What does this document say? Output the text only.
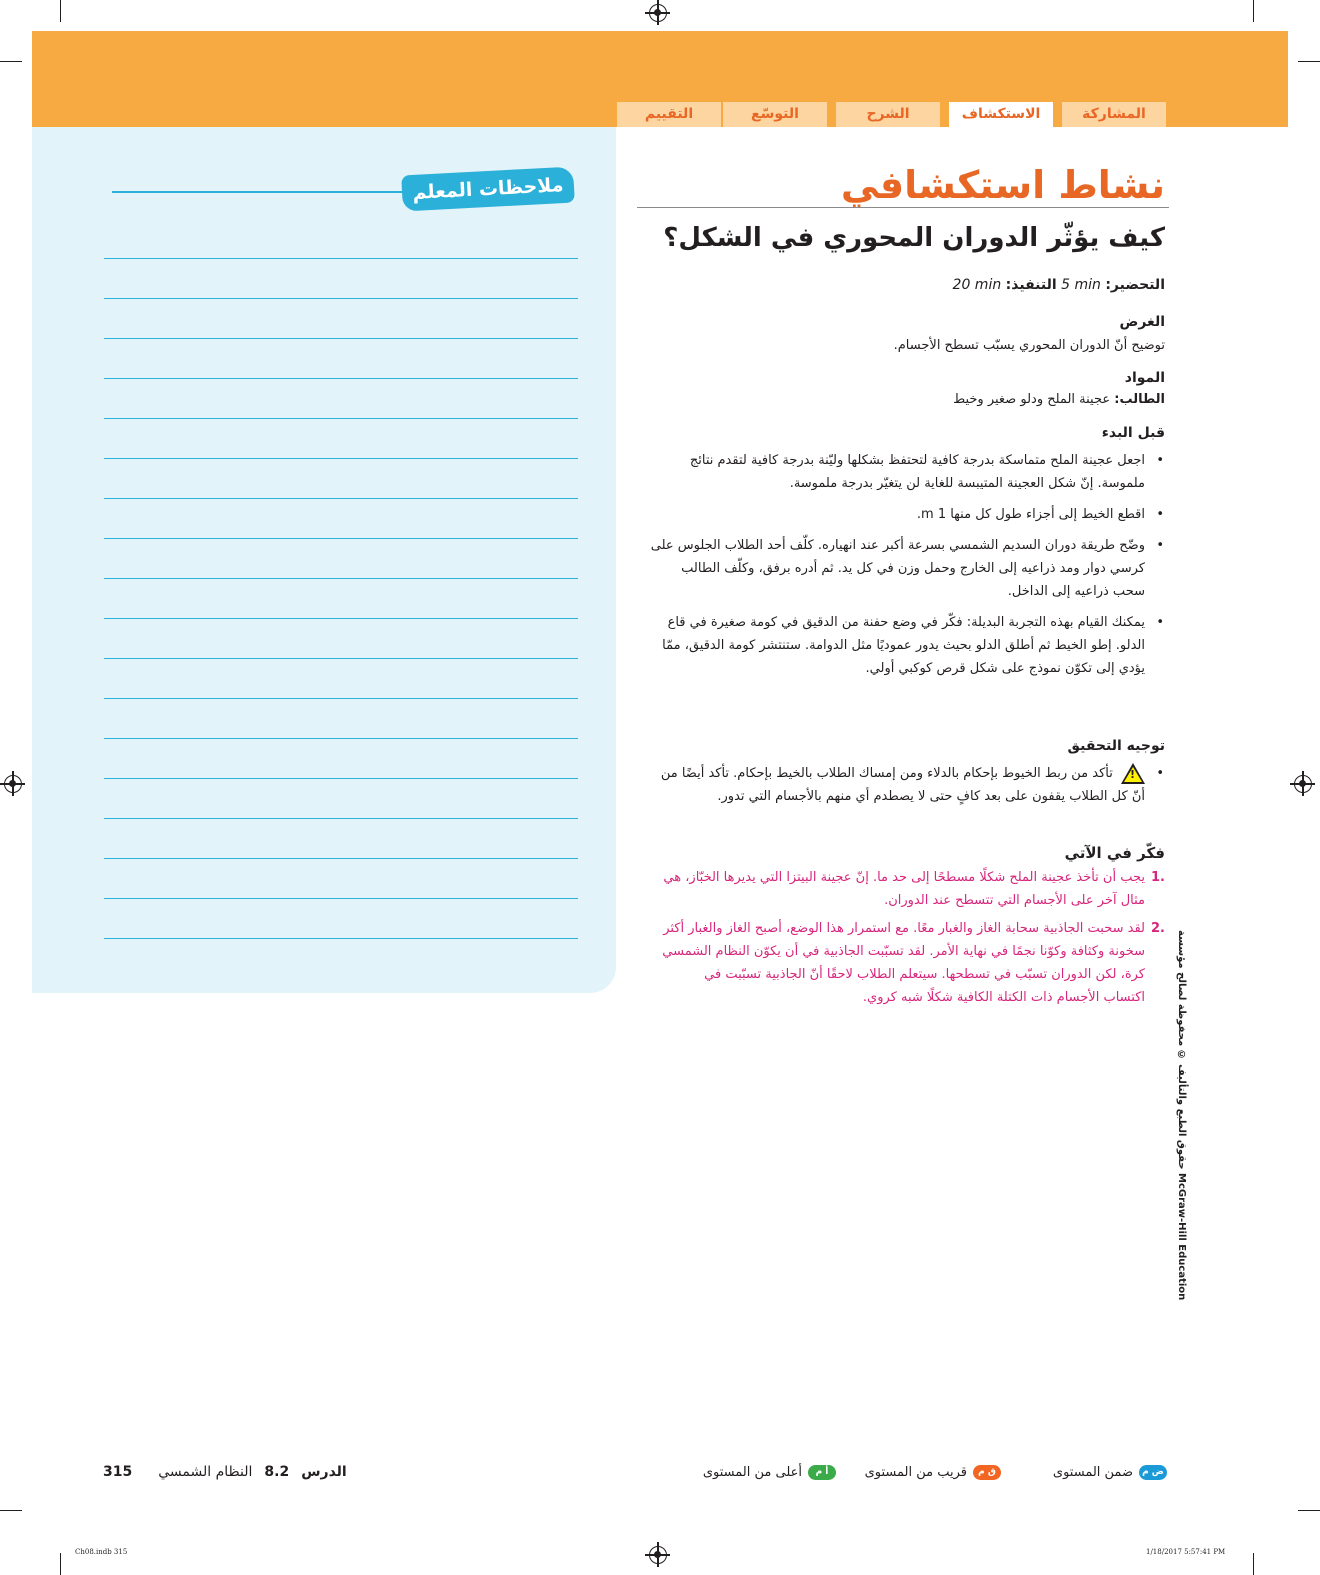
المشاركة
الاستكشاف
الشرح
التوسّع
التقييم
ملاحظات المعلم	نشاط استكشافي
كيف يؤثّر الدوران المحوري في الشكل؟
التحضير: 5 min التنفيذ: 20 min
الغرض
توضيح أنّ الدوران المحوري يسبّب تسطح الأجسام.
المواد
الطالب: عجينة الملح ودلو صغير وخيط
قبل البدء
• اجعل عجينة الملح متماسكة بدرجة كافية لتحتفظ بشكلها وليّنة بدرجة كافية لتقدم نتائج ملموسة. إنّ شكل العجينة المتيبسة للغاية لن يتغيّر بدرجة ملموسة.
• اقطع الخيط إلى أجزاء طول كل منها 1 m.
• وضّح طريقة دوران السديم الشمسي بسرعة أكبر عند انهياره. كلّف أحد الطلاب الجلوس على كرسي دوار ومد ذراعيه إلى الخارج وحمل وزن في كل يد. ثم أدره برفق، وكلّف الطالب سحب ذراعيه إلى الداخل.
• يمكنك القيام بهذه التجربة البديلة: فكّر في وضع حفنة من الدقيق في كومة صغيرة في قاع الدلو. إطو الخيط ثم أطلق الدلو بحيث يدور عموديًا مثل الدوامة. ستنتشر كومة الدقيق، ممّا يؤدي إلى تكوّن نموذج على شكل قرص كوكبي أولي.
توجيه التحقيق
• !
تأكد من ربط الخيوط بإحكام بالدلاء ومن إمساك الطلاب بالخيط بإحكام. تأكد أيضًا من أنّ كل الطلاب يقفون على بعد كافٍ حتى لا يصطدم أي منهم بالأجسام التي تدور.
فكّر في الآتي
1.
يجب أن تأخذ عجينة الملح شكلًا مسطحًا إلى حد ما. إنّ عجينة البيتزا التي يديرها الخبّاز، هي مثال آخر على الأجسام التي تتسطح عند الدوران.
2.
لقد سحبت الجاذبية سحابة الغاز والغبار معًا. مع استمرار هذا الوضع، أصبح الغاز والغبار أكثر سخونة وكثافة وكوّنا نجمًا في نهاية الأمر. لقد تسبّبت الجاذبية في أن يكوّن النظام الشمسي كرة، لكن الدوران تسبّب في تسطحها. سيتعلم الطلاب لاحقًا أنّ الجاذبية تسبّبت في اكتساب الأجسام ذات الكتلة الكافية شكلًا شبه كروي.	حقوق الطبع والتأليف © محفوظة لصالح مؤسسة McGraw-Hill Education
ض م
ضمن المستوى
ق م
قريب من المستوى
أ م
أعلى من المستوى
الدرس
8.2
النظام الشمسي
315
Ch08.indb 315	1/18/2017 5:57:41 PM
